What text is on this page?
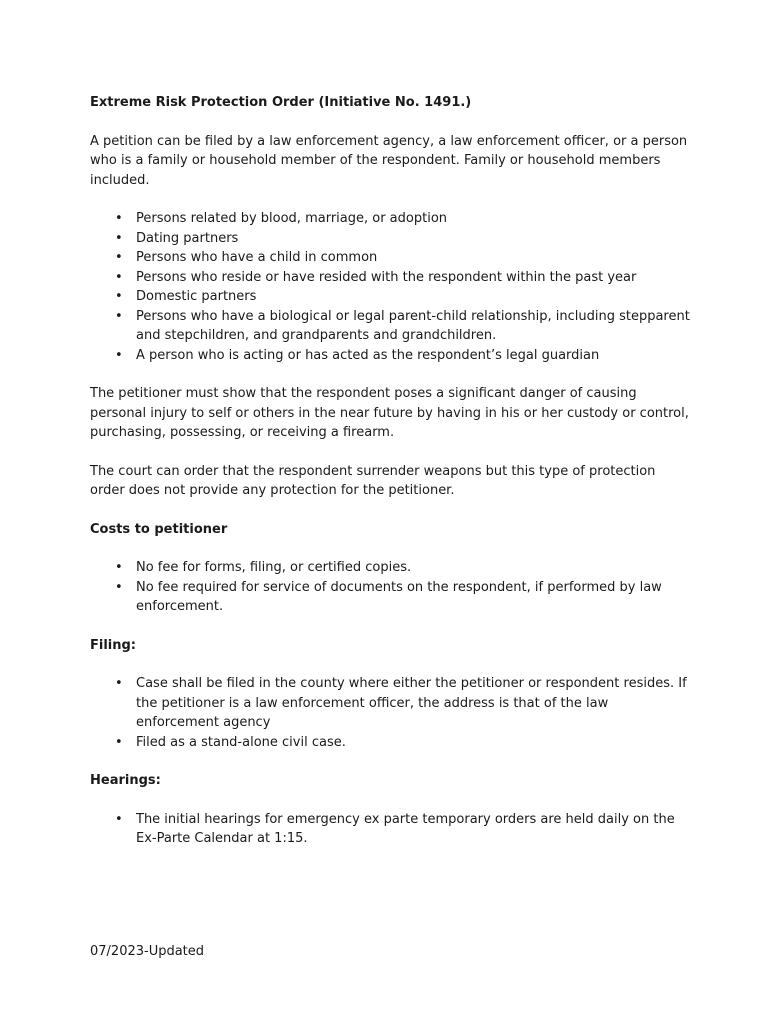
Extreme Risk Protection Order (Initiative No. 1491.)

A petition can be filed by a law enforcement agency, a law enforcement officer, or a person who is a family or household member of the respondent. Family or household members included.

• Persons related by blood, marriage, or adoption
• Dating partners
• Persons who have a child in common
• Persons who reside or have resided with the respondent within the past year
• Domestic partners
• Persons who have a biological or legal parent-child relationship, including stepparent and stepchildren, and grandparents and grandchildren.
• A person who is acting or has acted as the respondent’s legal guardian

The petitioner must show that the respondent poses a significant danger of causing personal injury to self or others in the near future by having in his or her custody or control, purchasing, possessing, or receiving a firearm.

The court can order that the respondent surrender weapons but this type of protection order does not provide any protection for the petitioner.

Costs to petitioner
• No fee for forms, filing, or certified copies.
• No fee required for service of documents on the respondent, if performed by law enforcement.
Filing:
• Case shall be filed in the county where either the petitioner or respondent resides. If the petitioner is a law enforcement officer, the address is that of the law enforcement agency
• Filed as a stand-alone civil case.
Hearings:
• The initial hearings for emergency ex parte temporary orders are held daily on the Ex-Parte Calendar at 1:15.
07/2023-Updated
